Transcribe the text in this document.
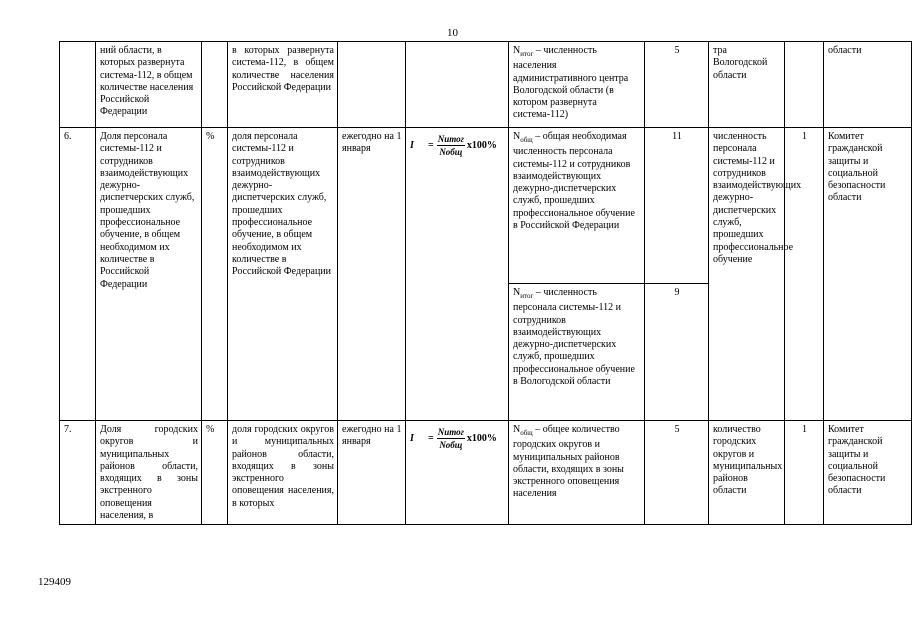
10
	ний области, в которых развернута система-112, в общем количестве населения Российской Федерации		в которых развернута система-112, в общем количестве населения Российской Федерации			$N_{итог}$ – численность населения административного центра Вологодской области (в котором развернута система-112)	5	тра Вологодской области		области
6.	Доля персонала системы-112 и сотрудников взаимодействующих дежурно-диспетчерских служб, прошедших профессиональное обучение, в общем необходимом их количестве в Российской Федерации	%	доля персонала системы-112 и сотрудников взаимодействующих дежурно-диспетчерских служб, прошедших профессиональное обучение, в общем необходимом их количестве в Российской Федерации	ежегодно на 1 января	$I = \frac{\text{Nитог}}{\text{Nобщ}} x100\%$	$N_{общ}$ – общая необходимая численность персонала системы-112 и сотрудников взаимодействующих дежурно-диспетчерских служб, прошедших профессиональное обучение в Российской Федерации	11	численность персонала системы-112 и сотрудников взаимодействующих дежурно-диспетчерских служб, прошедших профессиональное обучение	1	Комитет гражданской защиты и социальной безопасности области
						$N_{итог}$ – численность персонала системы-112 и сотрудников взаимодействующих дежурно-диспетчерских служб, прошедших профессиональное обучение в Вологодской области	9			
7.	Доля городских округов и муниципальных районов области, входящих в зоны экстренного оповещения населения, в	%	доля городских округов и муниципальных районов области, входящих в зоны экстренного оповещения населения, в которых	ежегодно на 1 января	$I = \frac{\text{Nитог}}{\text{Nобщ}} x100\%$	$N_{общ}$ – общее количество городских округов и муниципальных районов области, входящих в зоны экстренного оповещения населения	5	количество городских округов и муниципальных районов области	1	Комитет гражданской защиты и социальной безопасности области
129409
